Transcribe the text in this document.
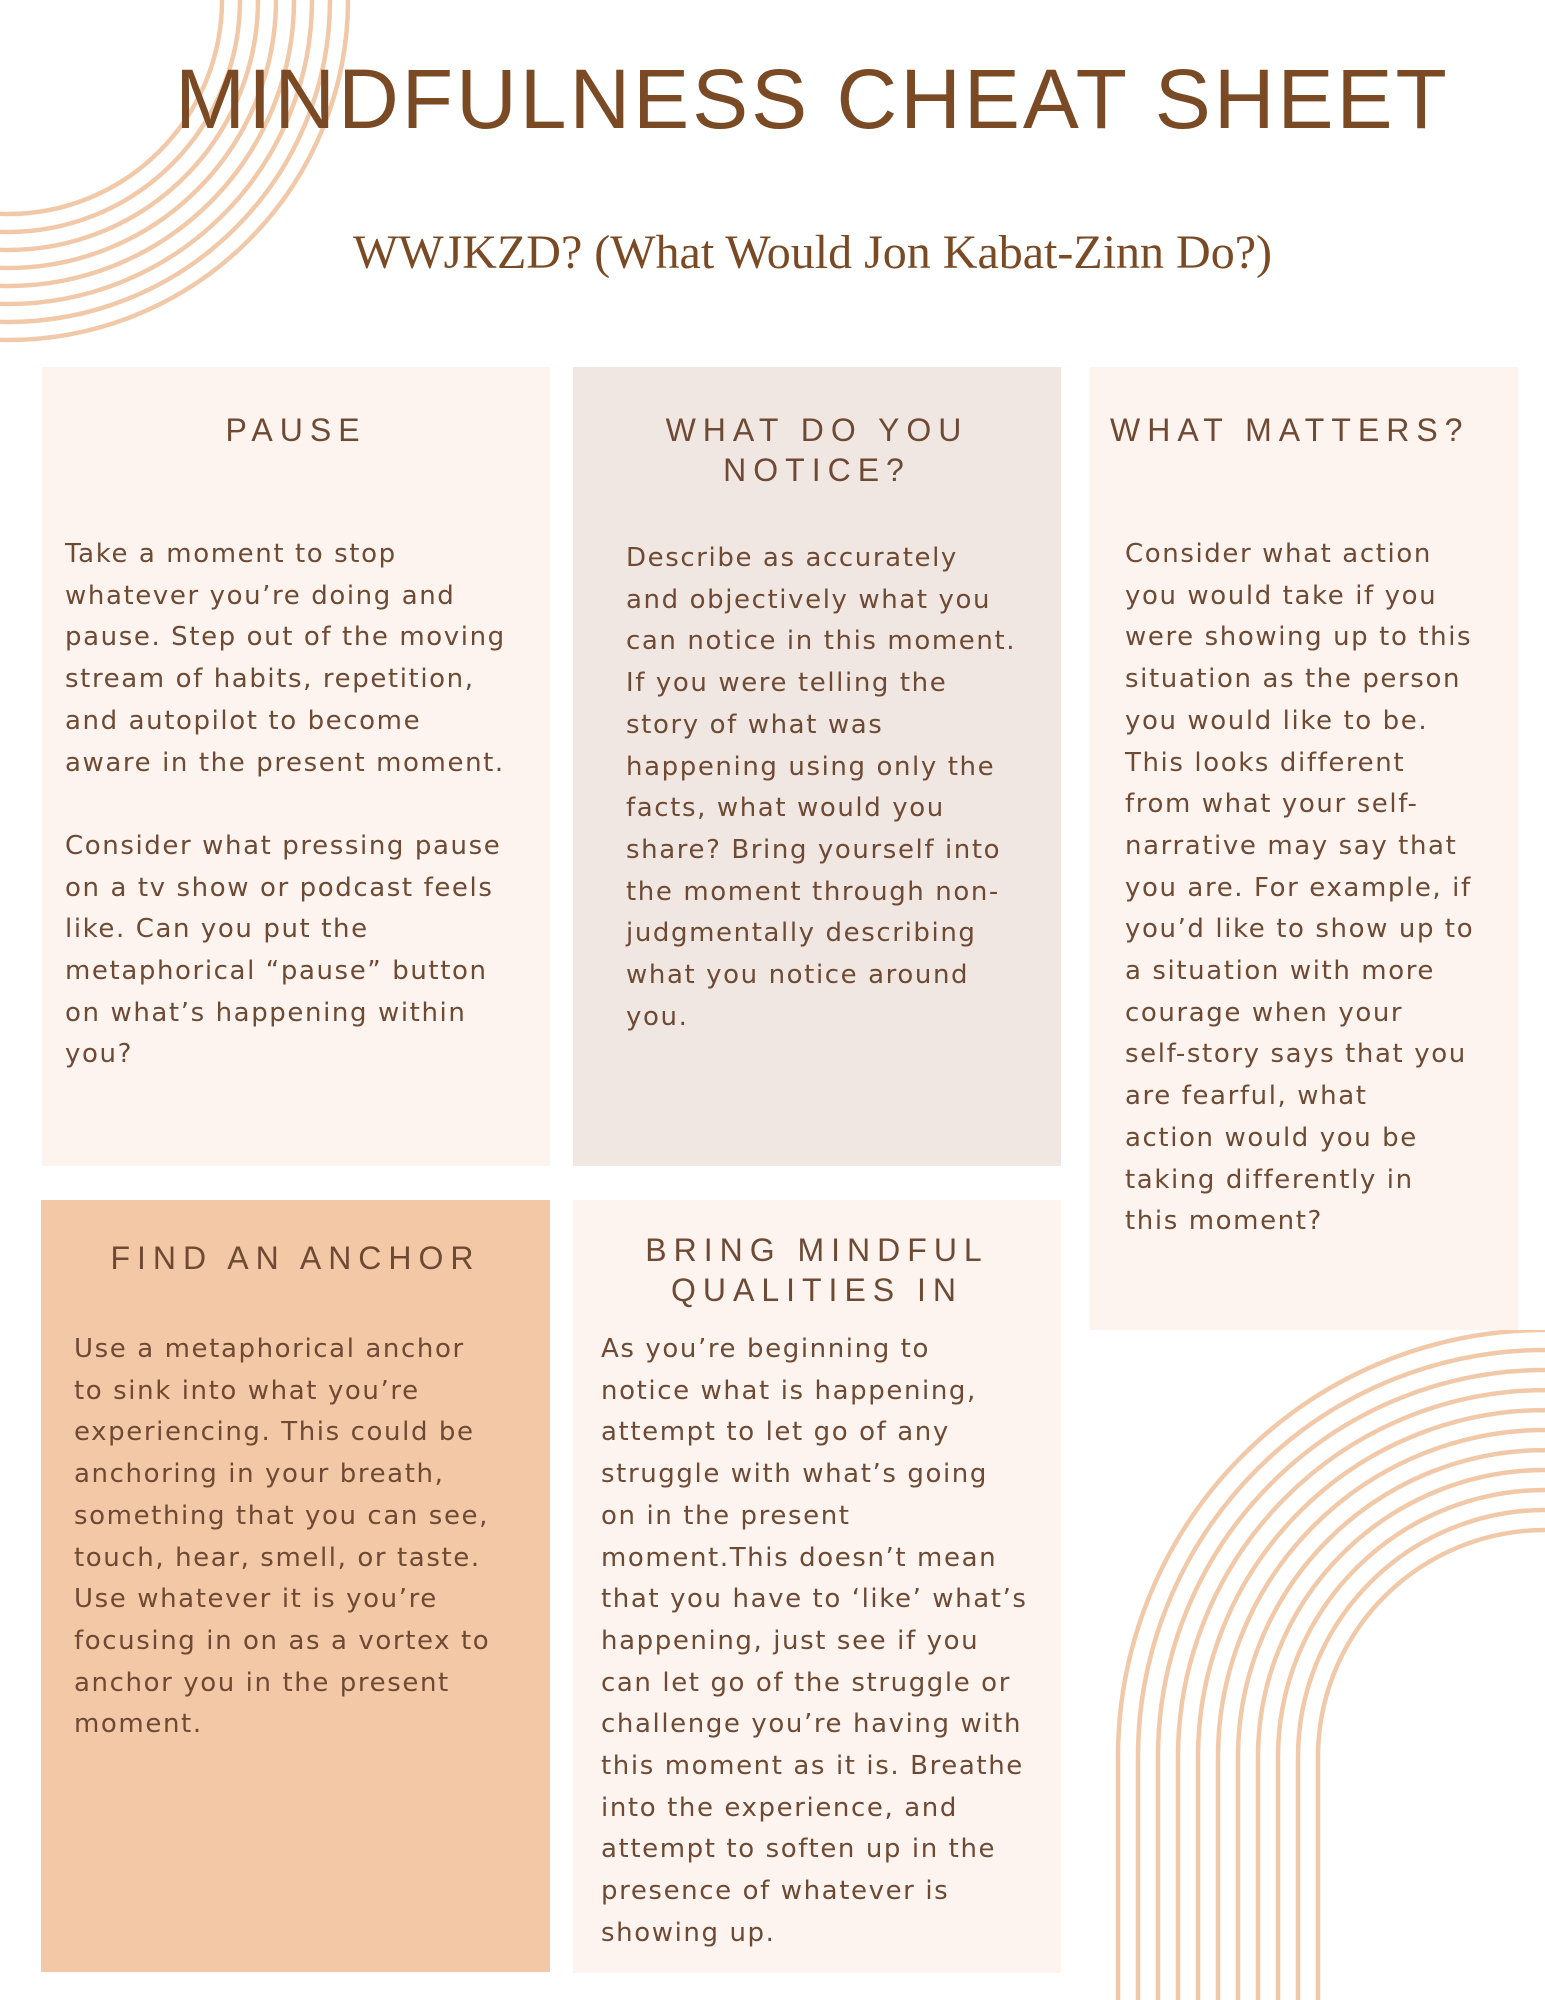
MINDFULNESS CHEAT SHEET
WWJKZD? (What Would Jon Kabat-Zinn Do?)
PAUSE

Take a moment to stop
whatever you’re doing and
pause. Step out of the moving
stream of habits, repetition,
and autopilot to become
aware in the present moment.

Consider what pressing pause
on a tv show or podcast feels
like. Can you put the
metaphorical “pause” button
on what’s happening within
you?

WHAT DO YOU
NOTICE?

Describe as accurately
and objectively what you
can notice in this moment.
If you were telling the
story of what was
happening using only the
facts, what would you
share? Bring yourself into
the moment through non-
judgmentally describing
what you notice around
you.

WHAT MATTERS?

Consider what action
you would take if you
were showing up to this
situation as the person
you would like to be.
This looks different
from what your self-
narrative may say that
you are. For example, if
you’d like to show up to
a situation with more
courage when your
self-story says that you
are fearful, what
action would you be
taking differently in
this moment?

FIND AN ANCHOR

Use a metaphorical anchor
to sink into what you’re
experiencing. This could be
anchoring in your breath,
something that you can see,
touch, hear, smell, or taste.
Use whatever it is you’re
focusing in on as a vortex to
anchor you in the present
moment.

BRING MINDFUL
QUALITIES IN

As you’re beginning to
notice what is happening,
attempt to let go of any
struggle with what’s going
on in the present
moment.This doesn’t mean
that you have to ‘like’ what’s
happening, just see if you
can let go of the struggle or
challenge you’re having with
this moment as it is. Breathe
into the experience, and
attempt to soften up in the
presence of whatever is
showing up.
